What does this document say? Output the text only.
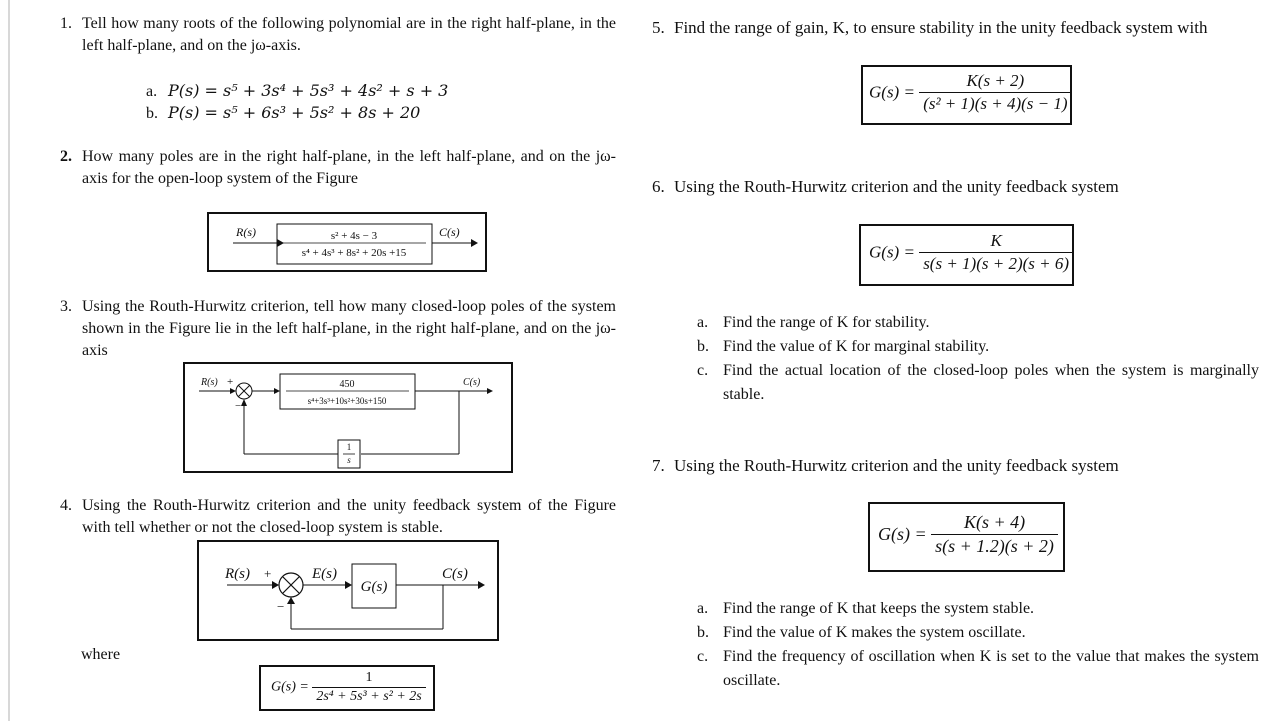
1. Tell how many roots of the following polynomial are in the right half-plane, in the left half-plane, and on the jω-axis.
a. P(s) = s⁵ + 3s⁴ + 5s³ + 4s² + s + 3
b. P(s) = s⁵ + 6s³ + 5s² + 8s + 20
2. How many poles are in the right half-plane, in the left half-plane, and on the jω-axis for the open-loop system of the Figure
R(s)	C(s)
s² + 4s − 3
s⁴ + 4s³ + 8s² + 20s +15
3. Using the Routh-Hurwitz criterion, tell how many closed-loop poles of the system shown in the Figure lie in the left half-plane, in the right half-plane, and on the jω-axis
R(s) +
−
C(s)
450
s⁴+3s³+10s²+30s+150
1
s
4. Using the Routh-Hurwitz criterion and the unity feedback system of the Figure with tell whether or not the closed-loop system is stable.
R(s) +
−
E(s)
G(s)
C(s)
where
$G(s) = \frac{1}{\text{2s⁴ + 5s³ + s² + 2s}}$
5. Find the range of gain, K, to ensure stability in the unity feedback system with
$G(s) = \frac{K(s + 2)}{\text{(s² + 1)(s + 4)(s − 1)}}$
6. Using the Routh-Hurwitz criterion and the unity feedback system
$G(s) = \frac{K}{s(s + 1)(s + 2)(s + 6)}$
a. Find the range of K for stability.
b. Find the value of K for marginal stability.
c. Find the actual location of the closed-loop poles when the system is marginally stable.
7. Using the Routh-Hurwitz criterion and the unity feedback system
$G(s) = \frac{K(s + 4)}{s(s + 1.2)(s + 2)}$
a. Find the range of K that keeps the system stable.
b. Find the value of K makes the system oscillate.
c. Find the frequency of oscillation when K is set to the value that makes the system oscillate.
